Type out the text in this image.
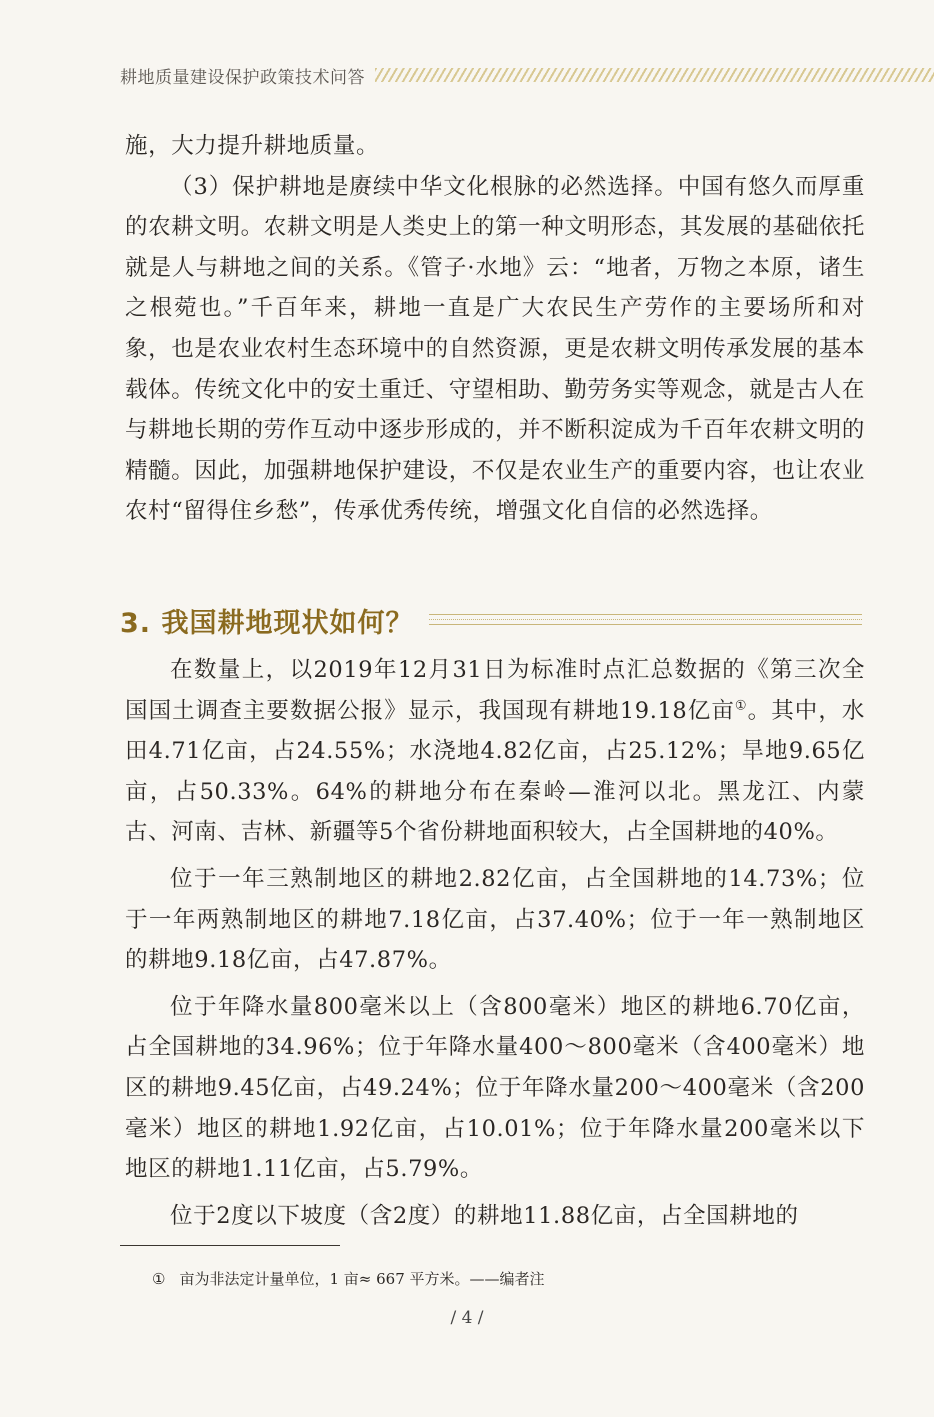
耕地质量建设保护政策技术问答

施，大力提升耕地质量。

（3）保护耕地是赓续中华文化根脉的必然选择。中国有悠久而厚重的农耕文明。农耕文明是人类史上的第一种文明形态，其发展的基础依托就是人与耕地之间的关系。《管子·水地》云：“地者，万物之本原，诸生之根菀也。”千百年来，耕地一直是广大农民生产劳作的主要场所和对象，也是农业农村生态环境中的自然资源，更是农耕文明传承发展的基本载体。传统文化中的安土重迁、守望相助、勤劳务实等观念，就是古人在与耕地长期的劳作互动中逐步形成的，并不断积淀成为千百年农耕文明的精髓。因此，加强耕地保护建设，不仅是农业生产的重要内容，也让农业农村“留得住乡愁”，传承优秀传统，增强文化自信的必然选择。

3. 我国耕地现状如何？

在数量上，以2019年12月31日为标准时点汇总数据的《第三次全国国土调查主要数据公报》显示，我国现有耕地19.18亿亩①。其中，水田4.71亿亩，占24.55%；水浇地4.82亿亩，占25.12%；旱地9.65亿亩，占50.33%。64%的耕地分布在秦岭—淮河以北。黑龙江、内蒙古、河南、吉林、新疆等5个省份耕地面积较大，占全国耕地的40%。

位于一年三熟制地区的耕地2.82亿亩，占全国耕地的14.73%；位于一年两熟制地区的耕地7.18亿亩，占37.40%；位于一年一熟制地区的耕地9.18亿亩，占47.87%。

位于年降水量800毫米以上（含800毫米）地区的耕地6.70亿亩，占全国耕地的34.96%；位于年降水量400～800毫米（含400毫米）地区的耕地9.45亿亩，占49.24%；位于年降水量200～400毫米（含200毫米）地区的耕地1.92亿亩，占10.01%；位于年降水量200毫米以下地区的耕地1.11亿亩，占5.79%。

位于2度以下坡度（含2度）的耕地11.88亿亩，占全国耕地的

① 亩为非法定计量单位，1 亩≈ 667 平方米。——编者注
/ 4 /
